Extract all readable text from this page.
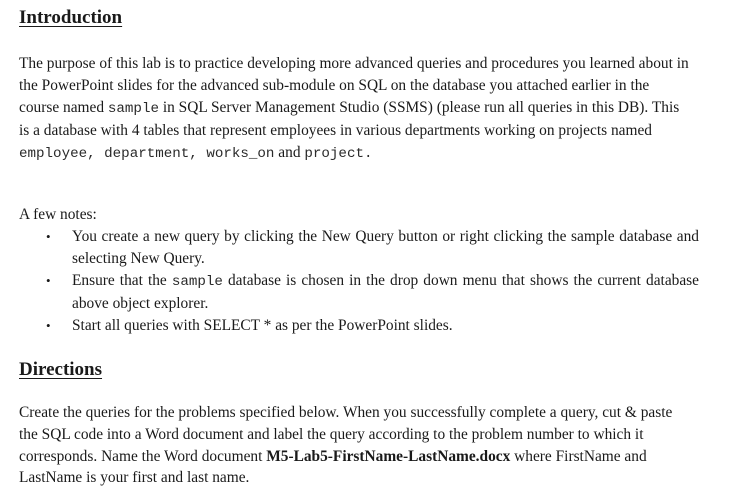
Introduction

The purpose of this lab is to practice developing more advanced queries and procedures you learned about in the PowerPoint slides for the advanced sub-module on SQL on the database you attached earlier in the course named sample in SQL Server Management Studio (SSMS) (please run all queries in this DB). This is a database with 4 tables that represent employees in various departments working on projects named employee, department, works_on and project.

A few notes:
• You create a new query by clicking the New Query button or right clicking the sample database and selecting New Query.
• Ensure that the sample database is chosen in the drop down menu that shows the current database above object explorer.
• Start all queries with SELECT * as per the PowerPoint slides.
Directions

Create the queries for the problems specified below. When you successfully complete a query, cut & paste the SQL code into a Word document and label the query according to the problem number to which it corresponds. Name the Word document M5-Lab5-FirstName-LastName.docx where FirstName and LastName is your first and last name.
